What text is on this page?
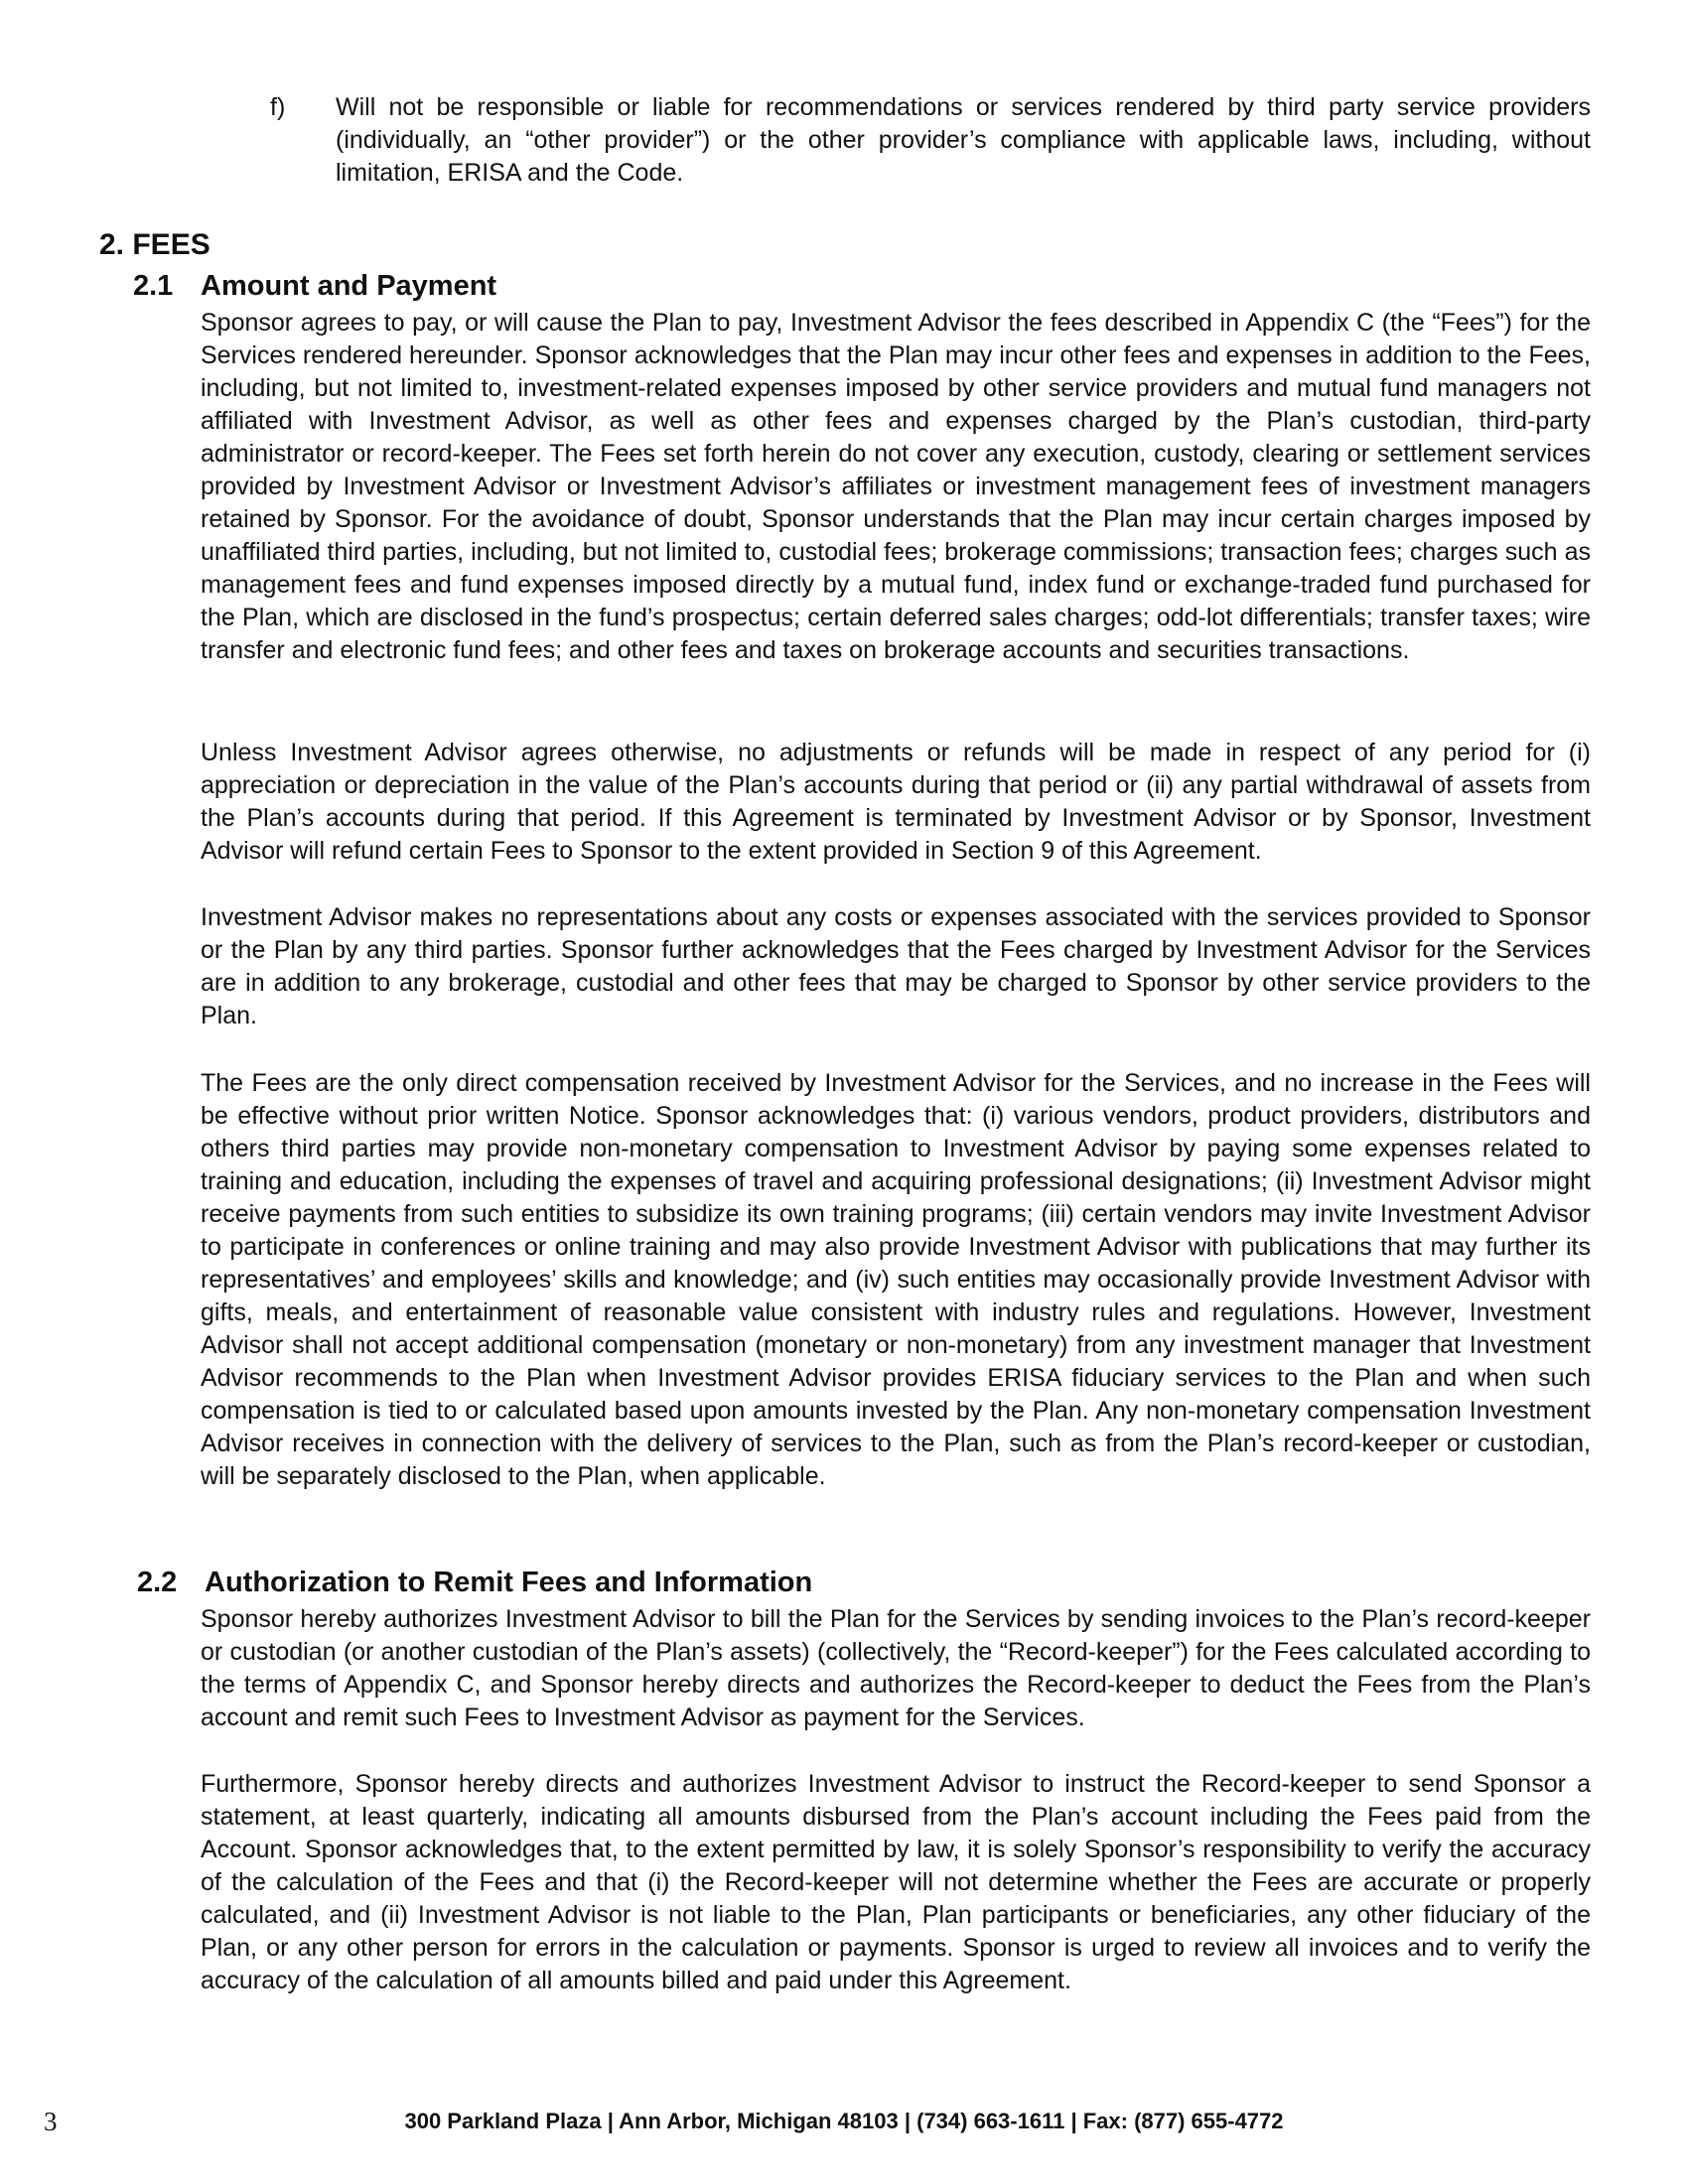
f) Will not be responsible or liable for recommendations or services rendered by third party service providers (individually, an “other provider”) or the other provider’s compliance with applicable laws, including, without limitation, ERISA and the Code.
2. FEES
2.1 Amount and Payment

Sponsor agrees to pay, or will cause the Plan to pay, Investment Advisor the fees described in Appendix C (the “Fees”) for the Services rendered hereunder. Sponsor acknowledges that the Plan may incur other fees and expenses in addition to the Fees, including, but not limited to, investment-related expenses imposed by other service providers and mutual fund managers not affiliated with Investment Advisor, as well as other fees and expenses charged by the Plan’s custodian, third-party administrator or record-keeper. The Fees set forth herein do not cover any execution, custody, clearing or settlement services provided by Investment Advisor or Investment Advisor’s affiliates or investment management fees of investment managers retained by Sponsor. For the avoidance of doubt, Sponsor understands that the Plan may incur certain charges imposed by unaffiliated third parties, including, but not limited to, custodial fees; brokerage commissions; transaction fees; charges such as management fees and fund expenses imposed directly by a mutual fund, index fund or exchange-traded fund purchased for the Plan, which are disclosed in the fund’s prospectus; certain deferred sales charges; odd-lot differentials; transfer taxes; wire transfer and electronic fund fees; and other fees and taxes on brokerage accounts and securities transactions.

Unless Investment Advisor agrees otherwise, no adjustments or refunds will be made in respect of any period for (i) appreciation or depreciation in the value of the Plan’s accounts during that period or (ii) any partial withdrawal of assets from the Plan’s accounts during that period. If this Agreement is terminated by Investment Advisor or by Sponsor, Investment Advisor will refund certain Fees to Sponsor to the extent provided in Section 9 of this Agreement.

Investment Advisor makes no representations about any costs or expenses associated with the services provided to Sponsor or the Plan by any third parties. Sponsor further acknowledges that the Fees charged by Investment Advisor for the Services are in addition to any brokerage, custodial and other fees that may be charged to Sponsor by other service providers to the Plan.

The Fees are the only direct compensation received by Investment Advisor for the Services, and no increase in the Fees will be effective without prior written Notice. Sponsor acknowledges that: (i) various vendors, product providers, distributors and others third parties may provide non-monetary compensation to Investment Advisor by paying some expenses related to training and education, including the expenses of travel and acquiring professional designations; (ii) Investment Advisor might receive payments from such entities to subsidize its own training programs; (iii) certain vendors may invite Investment Advisor to participate in conferences or online training and may also provide Investment Advisor with publications that may further its representatives’ and employees’ skills and knowledge; and (iv) such entities may occasionally provide Investment Advisor with gifts, meals, and entertainment of reasonable value consistent with industry rules and regulations. However, Investment Advisor shall not accept additional compensation (monetary or non-monetary) from any investment manager that Investment Advisor recommends to the Plan when Investment Advisor provides ERISA fiduciary services to the Plan and when such compensation is tied to or calculated based upon amounts invested by the Plan. Any non-monetary compensation Investment Advisor receives in connection with the delivery of services to the Plan, such as from the Plan’s record-keeper or custodian, will be separately disclosed to the Plan, when applicable.

2.2 Authorization to Remit Fees and Information

Sponsor hereby authorizes Investment Advisor to bill the Plan for the Services by sending invoices to the Plan’s record-keeper or custodian (or another custodian of the Plan’s assets) (collectively, the “Record-keeper”) for the Fees calculated according to the terms of Appendix C, and Sponsor hereby directs and authorizes the Record-keeper to deduct the Fees from the Plan’s account and remit such Fees to Investment Advisor as payment for the Services.

Furthermore, Sponsor hereby directs and authorizes Investment Advisor to instruct the Record-keeper to send Sponsor a statement, at least quarterly, indicating all amounts disbursed from the Plan’s account including the Fees paid from the Account. Sponsor acknowledges that, to the extent permitted by law, it is solely Sponsor’s responsibility to verify the accuracy of the calculation of the Fees and that (i) the Record-keeper will not determine whether the Fees are accurate or properly calculated, and (ii) Investment Advisor is not liable to the Plan, Plan participants or beneficiaries, any other fiduciary of the Plan, or any other person for errors in the calculation or payments. Sponsor is urged to review all invoices and to verify the accuracy of the calculation of all amounts billed and paid under this Agreement.

3	300 Parkland Plaza | Ann Arbor, Michigan 48103 | (734) 663-1611 | Fax: (877) 655-4772
